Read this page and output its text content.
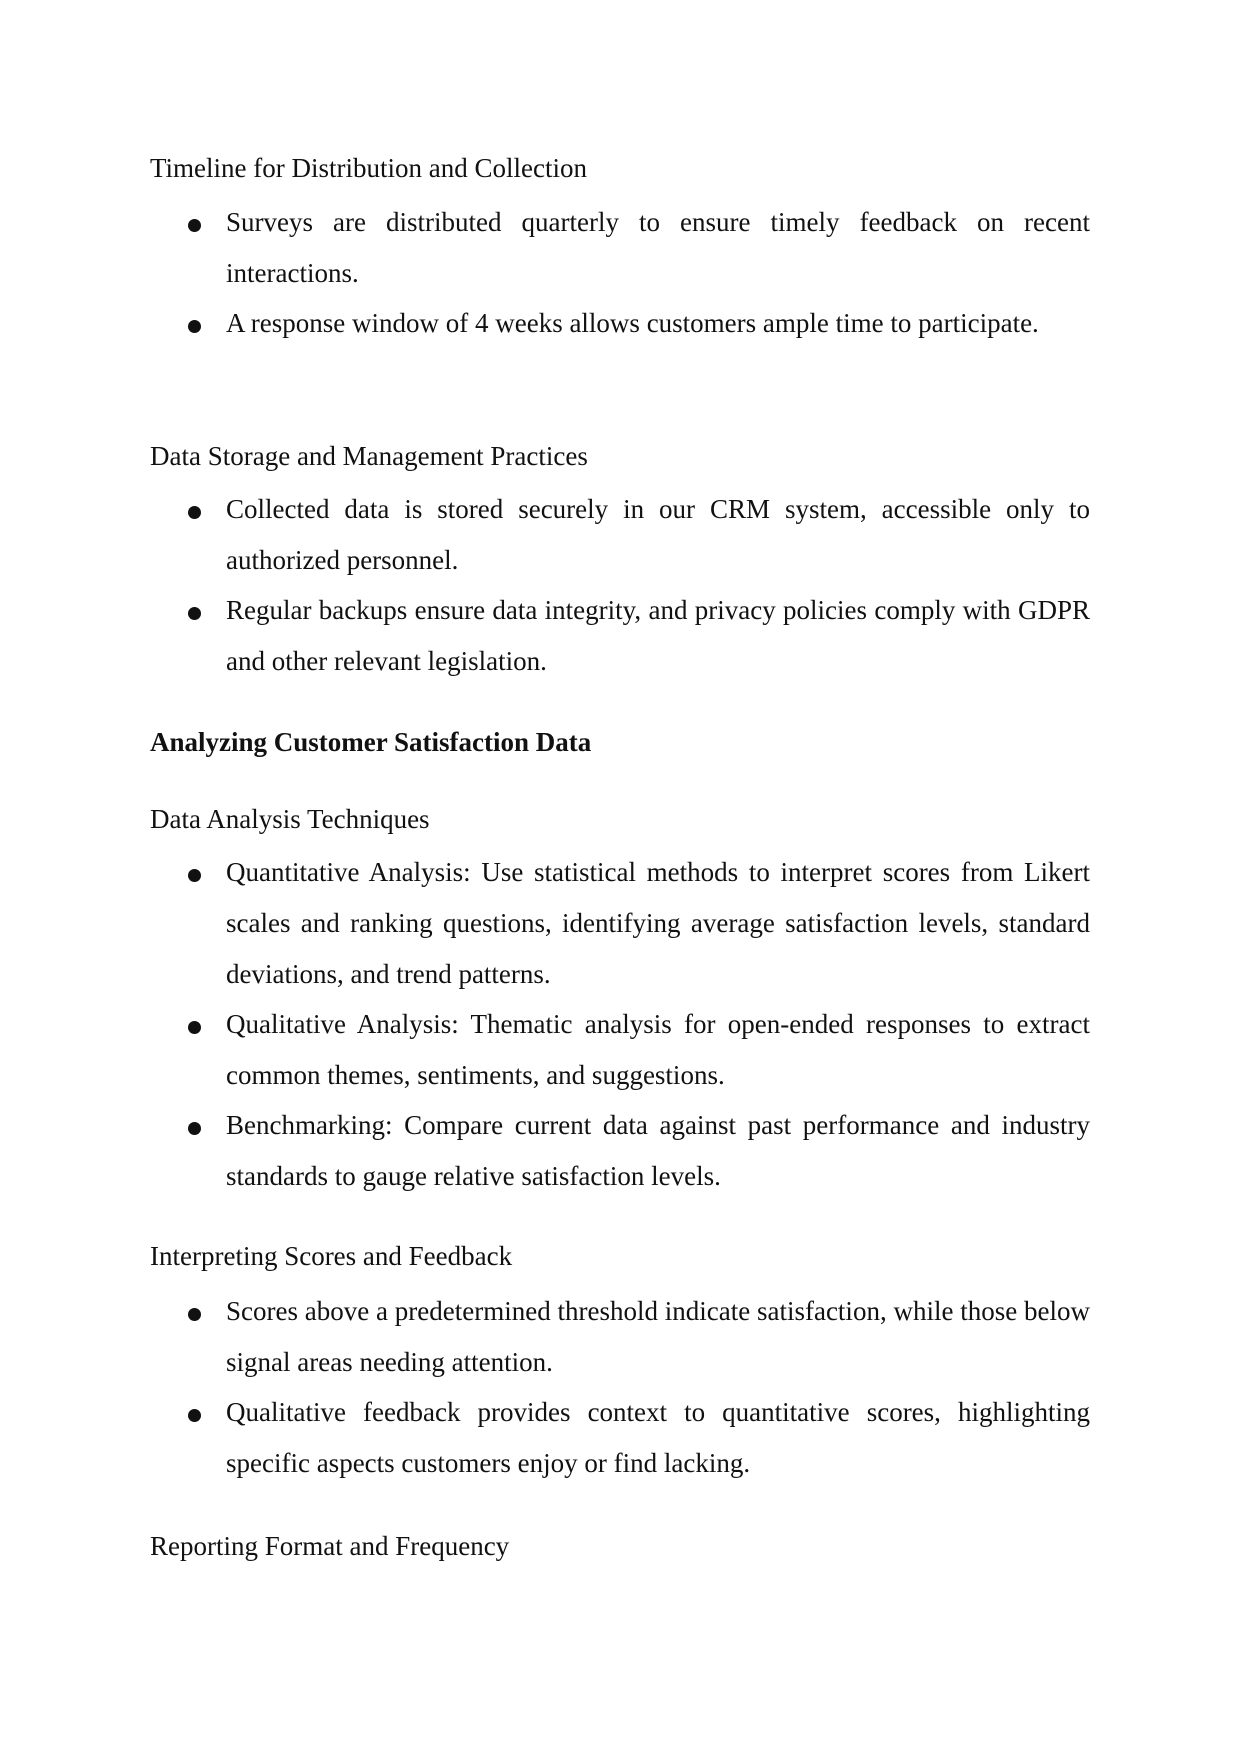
Timeline for Distribution and Collection
Surveys are distributed quarterly to ensure timely feedback on recent interactions.
A response window of 4 weeks allows customers ample time to participate.
Data Storage and Management Practices
Collected data is stored securely in our CRM system, accessible only to authorized personnel.
Regular backups ensure data integrity, and privacy policies comply with GDPR and other relevant legislation.
Analyzing Customer Satisfaction Data
Data Analysis Techniques
Quantitative Analysis: Use statistical methods to interpret scores from Likert scales and ranking questions, identifying average satisfaction levels, standard deviations, and trend patterns.
Qualitative Analysis: Thematic analysis for open-ended responses to extract common themes, sentiments, and suggestions.
Benchmarking: Compare current data against past performance and industry standards to gauge relative satisfaction levels.
Interpreting Scores and Feedback
Scores above a predetermined threshold indicate satisfaction, while those below signal areas needing attention.
Qualitative feedback provides context to quantitative scores, highlighting specific aspects customers enjoy or find lacking.
Reporting Format and Frequency
